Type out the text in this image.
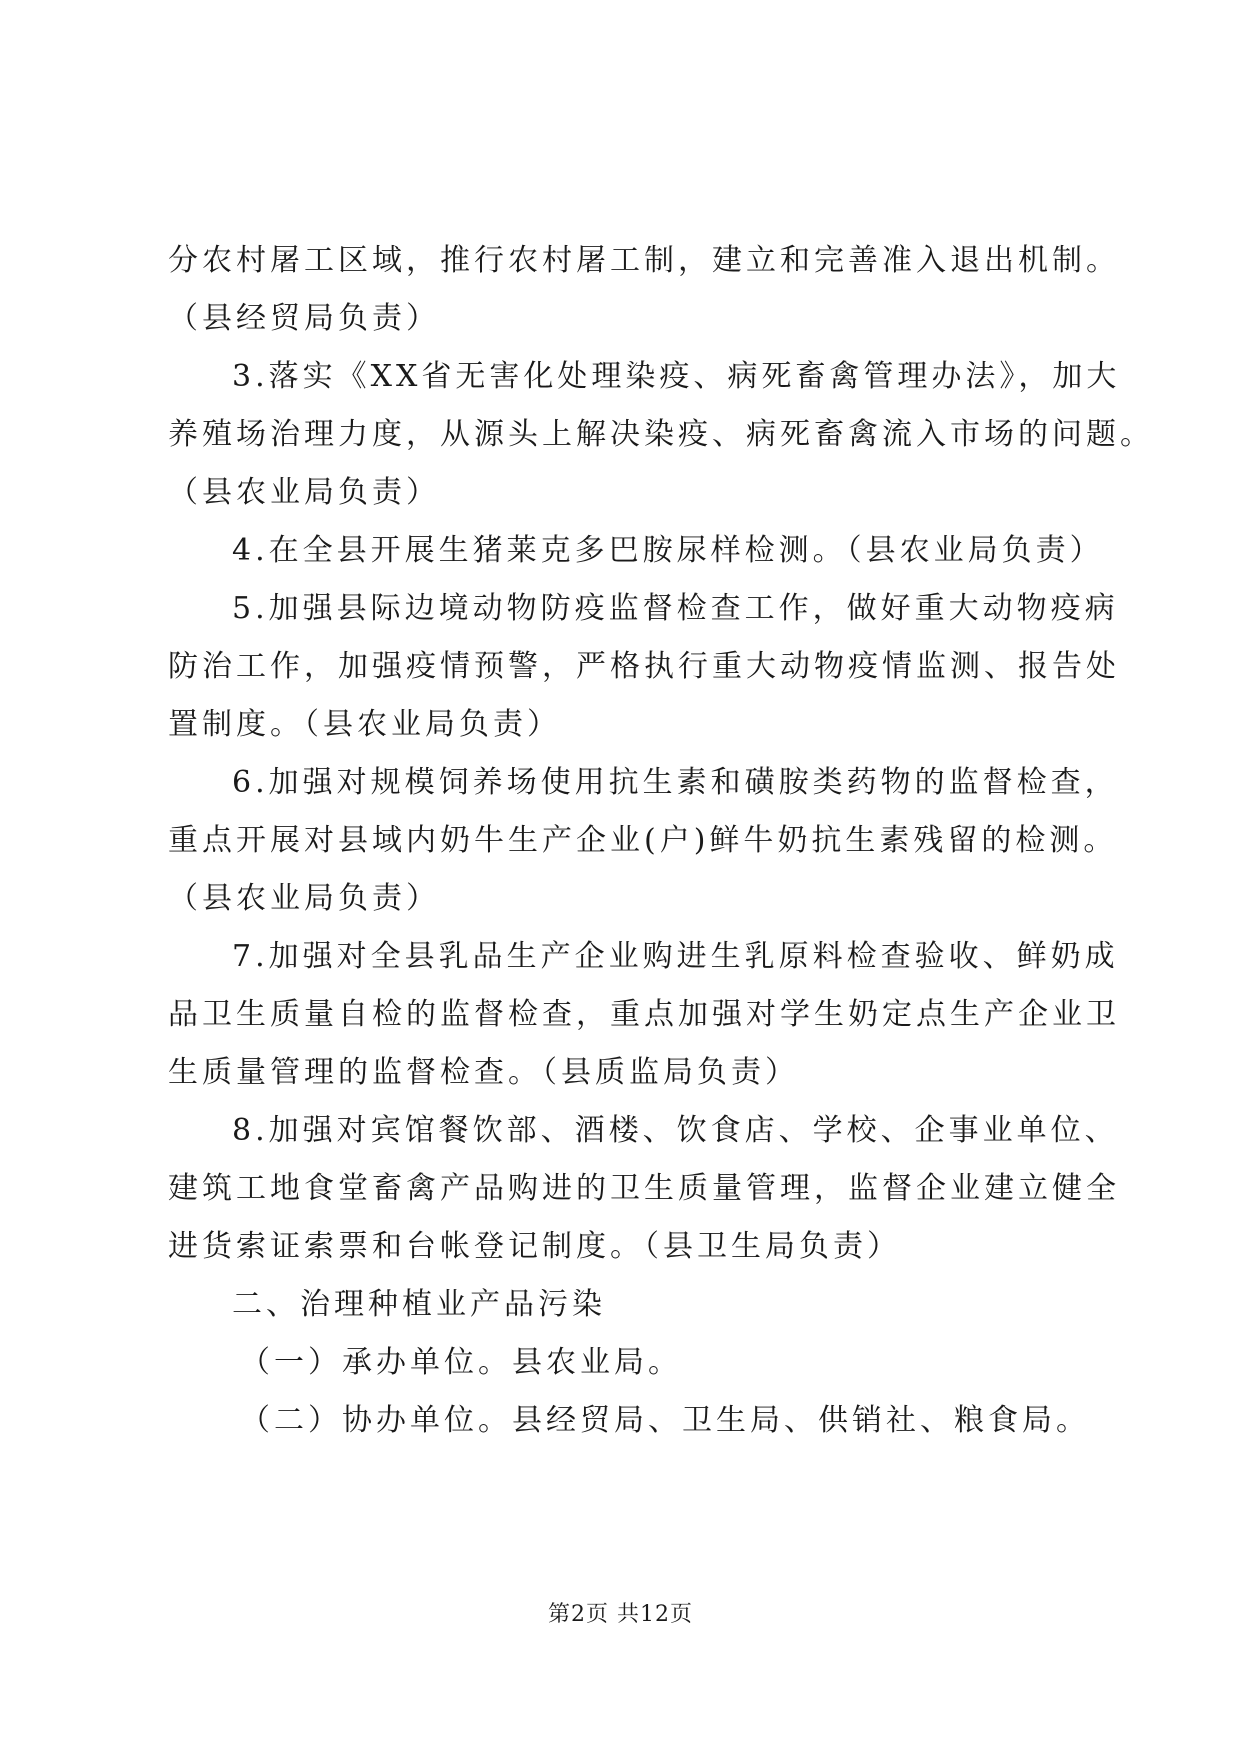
分农村屠工区域，推行农村屠工制，建立和完善准入退出机制。
（县经贸局负责）
3.落实《XX省无害化处理染疫、病死畜禽管理办法》，加大
养殖场治理力度，从源头上解决染疫、病死畜禽流入市场的问题。
（县农业局负责）
4.在全县开展生猪莱克多巴胺尿样检测。（县农业局负责）
5.加强县际边境动物防疫监督检查工作，做好重大动物疫病
防治工作，加强疫情预警，严格执行重大动物疫情监测、报告处
置制度。（县农业局负责）
6.加强对规模饲养场使用抗生素和磺胺类药物的监督检查，
重点开展对县域内奶牛生产企业(户)鲜牛奶抗生素残留的检测。
（县农业局负责）
7.加强对全县乳品生产企业购进生乳原料检查验收、鲜奶成
品卫生质量自检的监督检查，重点加强对学生奶定点生产企业卫
生质量管理的监督检查。（县质监局负责）
8.加强对宾馆餐饮部、酒楼、饮食店、学校、企事业单位、
建筑工地食堂畜禽产品购进的卫生质量管理，监督企业建立健全
进货索证索票和台帐登记制度。（县卫生局负责）
二、治理种植业产品污染
（一）承办单位。县农业局。
（二）协办单位。县经贸局、卫生局、供销社、粮食局。
第2页 共12页
